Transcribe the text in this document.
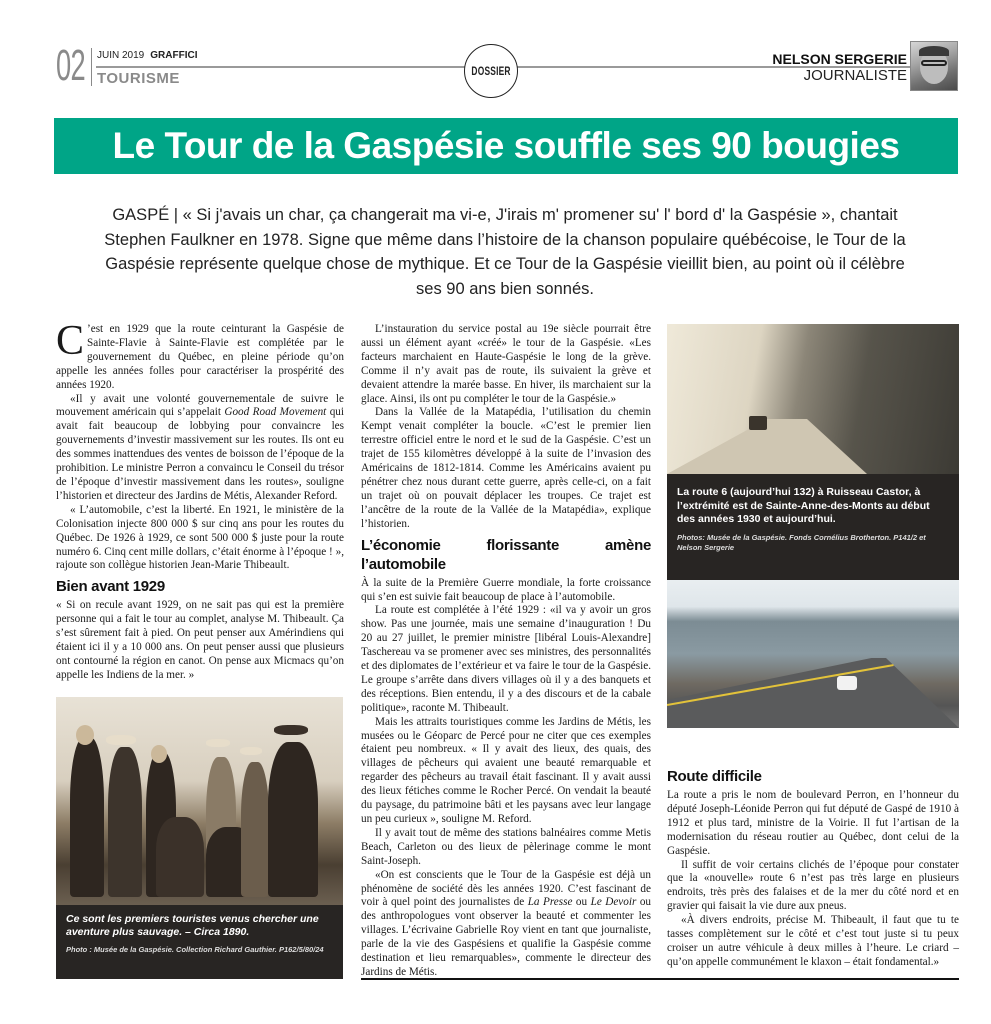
02 JUIN 2019 GRAFFICI
TOURISME	DOSSIER
NELSON SERGERIE
JOURNALISTE
Le Tour de la Gaspésie souffle ses 90 bougies
GASPÉ | « Si j'avais un char, ça changerait ma vi-e, J'irais m' promener su' l' bord d' la Gaspésie », chantait Stephen Faulkner en 1978. Signe que même dans l’histoire de la chanson populaire québécoise, le Tour de la Gaspésie représente quelque chose de mythique. Et ce Tour de la Gaspésie vieillit bien, au point où il célèbre ses 90 ans bien sonnés.

C ’est en 1929 que la route ceinturant la Gaspésie de Sainte-Flavie à Sainte-Flavie est complétée par le gouvernement du Québec, en pleine période qu’on appelle les années folles pour caractériser la prospérité des années 1920.

«Il y avait une volonté gouvernementale de suivre le mouvement américain qui s’appelait Good Road Movement qui avait fait beaucoup de lobbying pour convaincre les gouvernements d’investir massivement sur les routes. Ils ont eu des sommes inattendues des ventes de boisson de l’époque de la prohibition. Le ministre Perron a convaincu le Conseil du trésor de l’époque d’investir massivement dans les routes», souligne l’historien et directeur des Jardins de Métis, Alexander Reford.

« L’automobile, c’est la liberté. En 1921, le ministère de la Colonisation injecte 800 000 $ sur cinq ans pour les routes du Québec. De 1926 à 1929, ce sont 500 000 $ juste pour la route numéro 6. Cinq cent mille dollars, c’était énorme à l’époque ! », rajoute son collègue historien Jean-Marie Thibeault.

Bien avant 1929

« Si on recule avant 1929, on ne sait pas qui est la première personne qui a fait le tour au complet, analyse M. Thibeault. Ça s’est sûrement fait à pied. On peut penser aux Amérindiens qui étaient ici il y a 10 000 ans. On peut penser aussi que plusieurs ont contourné la région en canot. On pense aux Micmacs qu’on appelle les Indiens de la mer. »

Ce sont les premiers touristes venus chercher une aventure plus sauvage. – Circa 1890.
Photo : Musée de la Gaspésie. Collection Richard Gauthier. P162/5/80/24

L’instauration du service postal au 19e siècle pourrait être aussi un élément ayant «créé» le tour de la Gaspésie. «Les facteurs marchaient en Haute-Gaspésie le long de la grève. Comme il n’y avait pas de route, ils suivaient la grève et devaient attendre la marée basse. En hiver, ils marchaient sur la glace. Ainsi, ils ont pu compléter le tour de la Gaspésie.»

Dans la Vallée de la Matapédia, l’utilisation du chemin Kempt venait compléter la boucle. «C’est le premier lien terrestre officiel entre le nord et le sud de la Gaspésie. C’est un trajet de 155 kilomètres développé à la suite de l’invasion des Américains de 1812-1814. Comme les Américains avaient pu pénétrer chez nous durant cette guerre, après celle-ci, on a fait un trajet où on pouvait déplacer les troupes. Ce trajet est l’ancêtre de la route de la Vallée de la Matapédia», explique l’historien.

L’économie florissante amène l’automobile

À la suite de la Première Guerre mondiale, la forte croissance qui s’en est suivie fait beaucoup de place à l’automobile.

La route est complétée à l’été 1929 : «il va y avoir un gros show. Pas une journée, mais une semaine d’inauguration ! Du 20 au 27 juillet, le premier ministre [libéral Louis-Alexandre] Taschereau va se promener avec ses ministres, des personnalités et des diplomates de l’extérieur et va faire le tour de la Gaspésie. Le groupe s’arrête dans divers villages où il y a des banquets et des réceptions. Bien entendu, il y a des discours et de la cabale politique», raconte M. Thibeault.

Mais les attraits touristiques comme les Jardins de Métis, les musées ou le Géoparc de Percé pour ne citer que ces exemples étaient peu nombreux. « Il y avait des lieux, des quais, des villages de pêcheurs qui avaient une beauté remarquable et regarder des pêcheurs au travail était fascinant. Il y avait aussi des lieux fétiches comme le Rocher Percé. On vendait la beauté du paysage, du patrimoine bâti et les paysans avec leur langage un peu curieux », souligne M. Reford.

Il y avait tout de même des stations balnéaires comme Metis Beach, Carleton ou des lieux de pèlerinage comme le mont Saint-Joseph.

«On est conscients que le Tour de la Gaspésie est déjà un phénomène de société dès les années 1920. C’est fascinant de voir à quel point des journalistes de La Presse ou Le Devoir ou des anthropologues vont observer la beauté et commenter les villages. L’écrivaine Gabrielle Roy vient en tant que journaliste, parle de la vie des Gaspésiens et qualifie la Gaspésie comme destination et lieu remarquables», commente le directeur des Jardins de Métis.

La route 6 (aujourd’hui 132) à Ruisseau Castor, à l’extrémité est de Sainte-Anne-des-Monts au début des années 1930 et aujourd’hui.
Photos: Musée de la Gaspésie. Fonds Cornélius Brotherton. P141/2 et Nelson Sergerie
Route difficile

La route a pris le nom de boulevard Perron, en l’honneur du député Joseph-Léonide Perron qui fut député de Gaspé de 1910 à 1912 et plus tard, ministre de la Voirie. Il fut l’artisan de la modernisation du réseau routier au Québec, dont celui de la Gaspésie.

Il suffit de voir certains clichés de l’époque pour constater que la «nouvelle» route 6 n’est pas très large en plusieurs endroits, très près des falaises et de la mer du côté nord et en gravier qui faisait la vie dure aux pneus.

«À divers endroits, précise M. Thibeault, il faut que tu te tasses complètement sur le côté et c’est tout juste si tu peux croiser un autre véhicule à deux milles à l’heure. Le criard – qu’on appelle communément le klaxon – était fondamental.»
